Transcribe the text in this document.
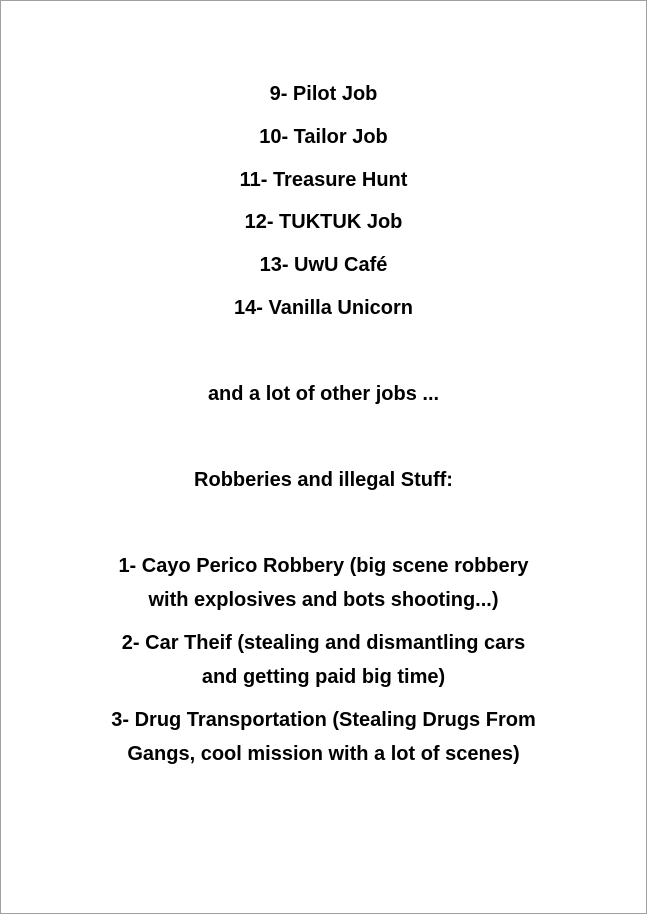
9- Pilot Job
10- Tailor Job
11- Treasure Hunt
12- TUKTUK Job
13- UwU Café
14- Vanilla Unicorn
and a lot of other jobs ...
Robberies and illegal Stuff:
1- Cayo Perico Robbery (big scene robbery
with explosives and bots shooting...)
2- Car Theif (stealing and dismantling cars
and getting paid big time)
3- Drug Transportation (Stealing Drugs From
Gangs, cool mission with a lot of scenes)
